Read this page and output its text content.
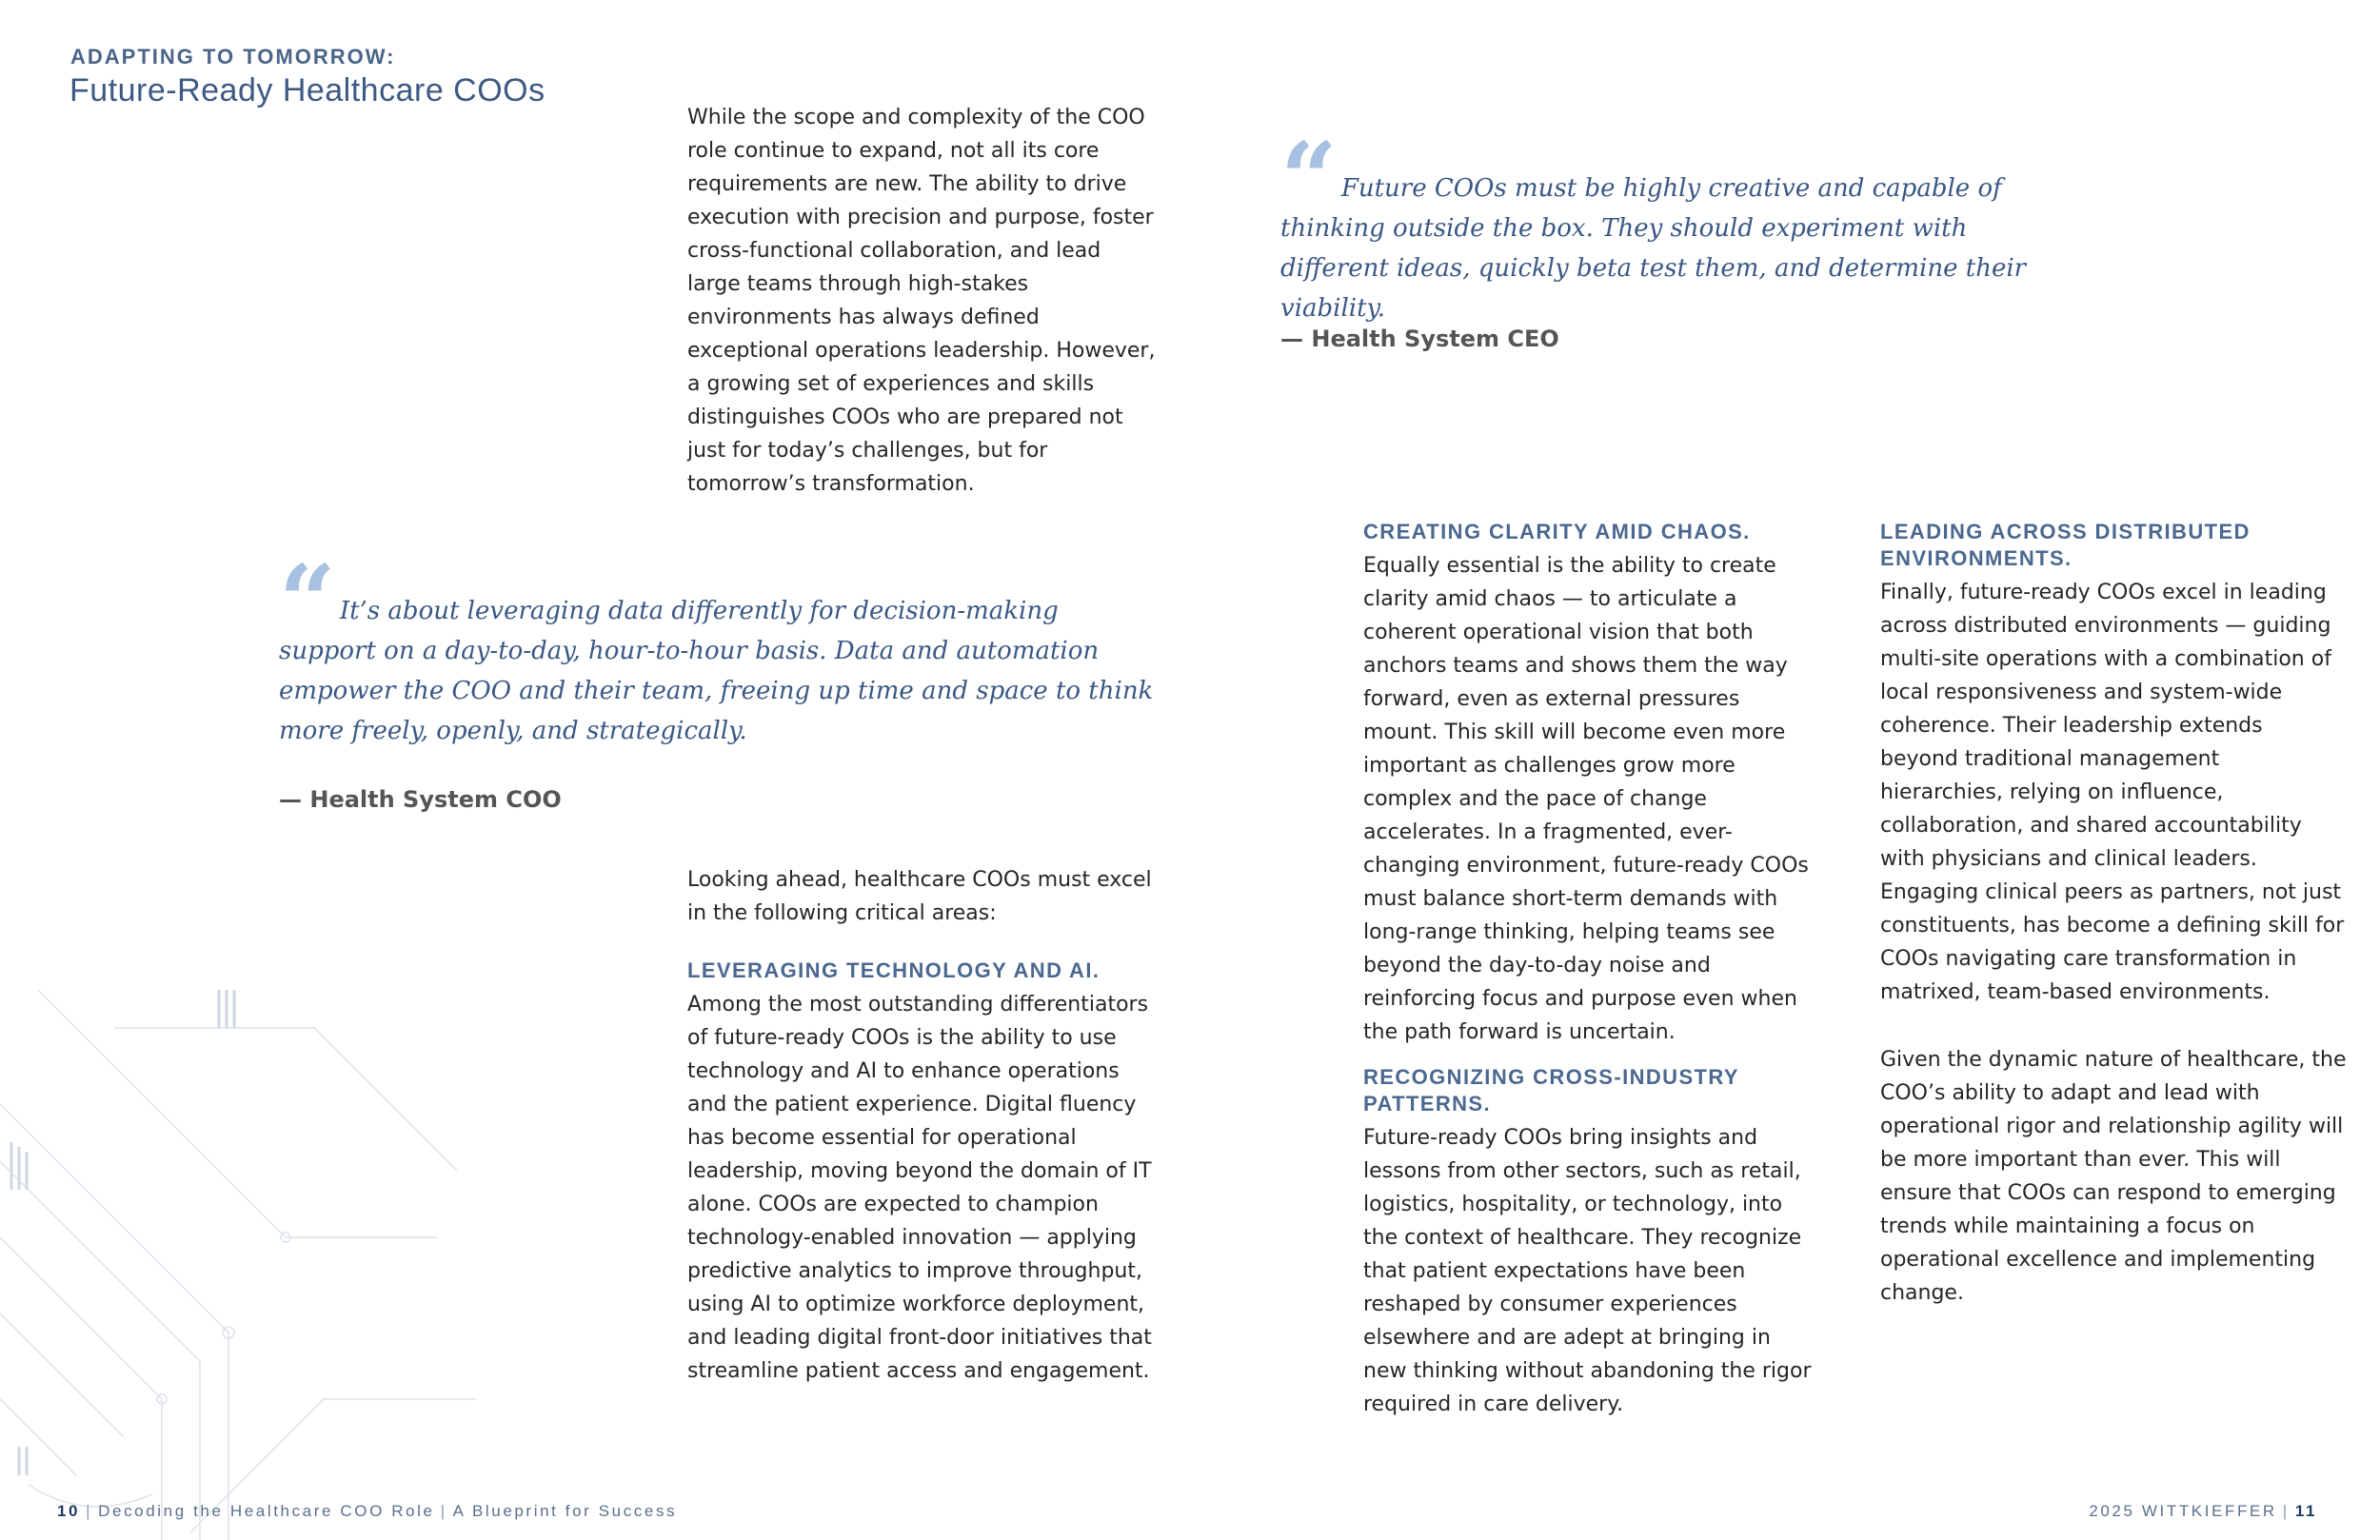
ADAPTING TO TOMORROW:
Future-Ready Healthcare COOs

While the scope and complexity of the COO role continue to expand, not all its core requirements are new. The ability to drive execution with precision and purpose, foster cross-functional collaboration, and lead large teams through high-stakes environments has always defined exceptional operations leadership. However, a growing set of experiences and skills distinguishes COOs who are prepared not just for today’s challenges, but for tomorrow’s transformation.

“ Future COOs must be highly creative and capable of thinking outside the box. They should experiment with different ideas, quickly beta test them, and determine their viability.
— Health System CEO
“ It’s about leveraging data differently for decision-making support on a day-to-day, hour-to-hour basis. Data and automation empower the COO and their team, freeing up time and space to think more freely, openly, and strategically.
— Health System COO

Looking ahead, healthcare COOs must excel in the following critical areas:

LEVERAGING TECHNOLOGY AND AI.

Among the most outstanding differentiators of future-ready COOs is the ability to use technology and AI to enhance operations and the patient experience. Digital fluency has become essential for operational leadership, moving beyond the domain of IT alone. COOs are expected to champion technology-enabled innovation — applying predictive analytics to improve throughput, using AI to optimize workforce deployment, and leading digital front-door initiatives that streamline patient access and engagement.

CREATING CLARITY AMID CHAOS.

Equally essential is the ability to create clarity amid chaos — to articulate a coherent operational vision that both anchors teams and shows them the way forward, even as external pressures mount. This skill will become even more important as challenges grow more complex and the pace of change accelerates. In a fragmented, ever-changing environment, future-ready COOs must balance short-term demands with long-range thinking, helping teams see beyond the day-to-day noise and reinforcing focus and purpose even when the path forward is uncertain.

RECOGNIZING CROSS-INDUSTRY PATTERNS.

Future-ready COOs bring insights and lessons from other sectors, such as retail, logistics, hospitality, or technology, into the context of healthcare. They recognize that patient expectations have been reshaped by consumer experiences elsewhere and are adept at bringing in new thinking without abandoning the rigor required in care delivery.

LEADING ACROSS DISTRIBUTED ENVIRONMENTS.

Finally, future-ready COOs excel in leading across distributed environments — guiding multi-site operations with a combination of local responsiveness and system-wide coherence. Their leadership extends beyond traditional management hierarchies, relying on influence, collaboration, and shared accountability with physicians and clinical leaders. Engaging clinical peers as partners, not just constituents, has become a defining skill for COOs navigating care transformation in matrixed, team-based environments.

Given the dynamic nature of healthcare, the COO’s ability to adapt and lead with operational rigor and relationship agility will be more important than ever. This will ensure that COOs can respond to emerging trends while maintaining a focus on operational excellence and implementing change.

10 | Decoding the Healthcare COO Role | A Blueprint for Success	2025 WITTKIEFFER | 11
